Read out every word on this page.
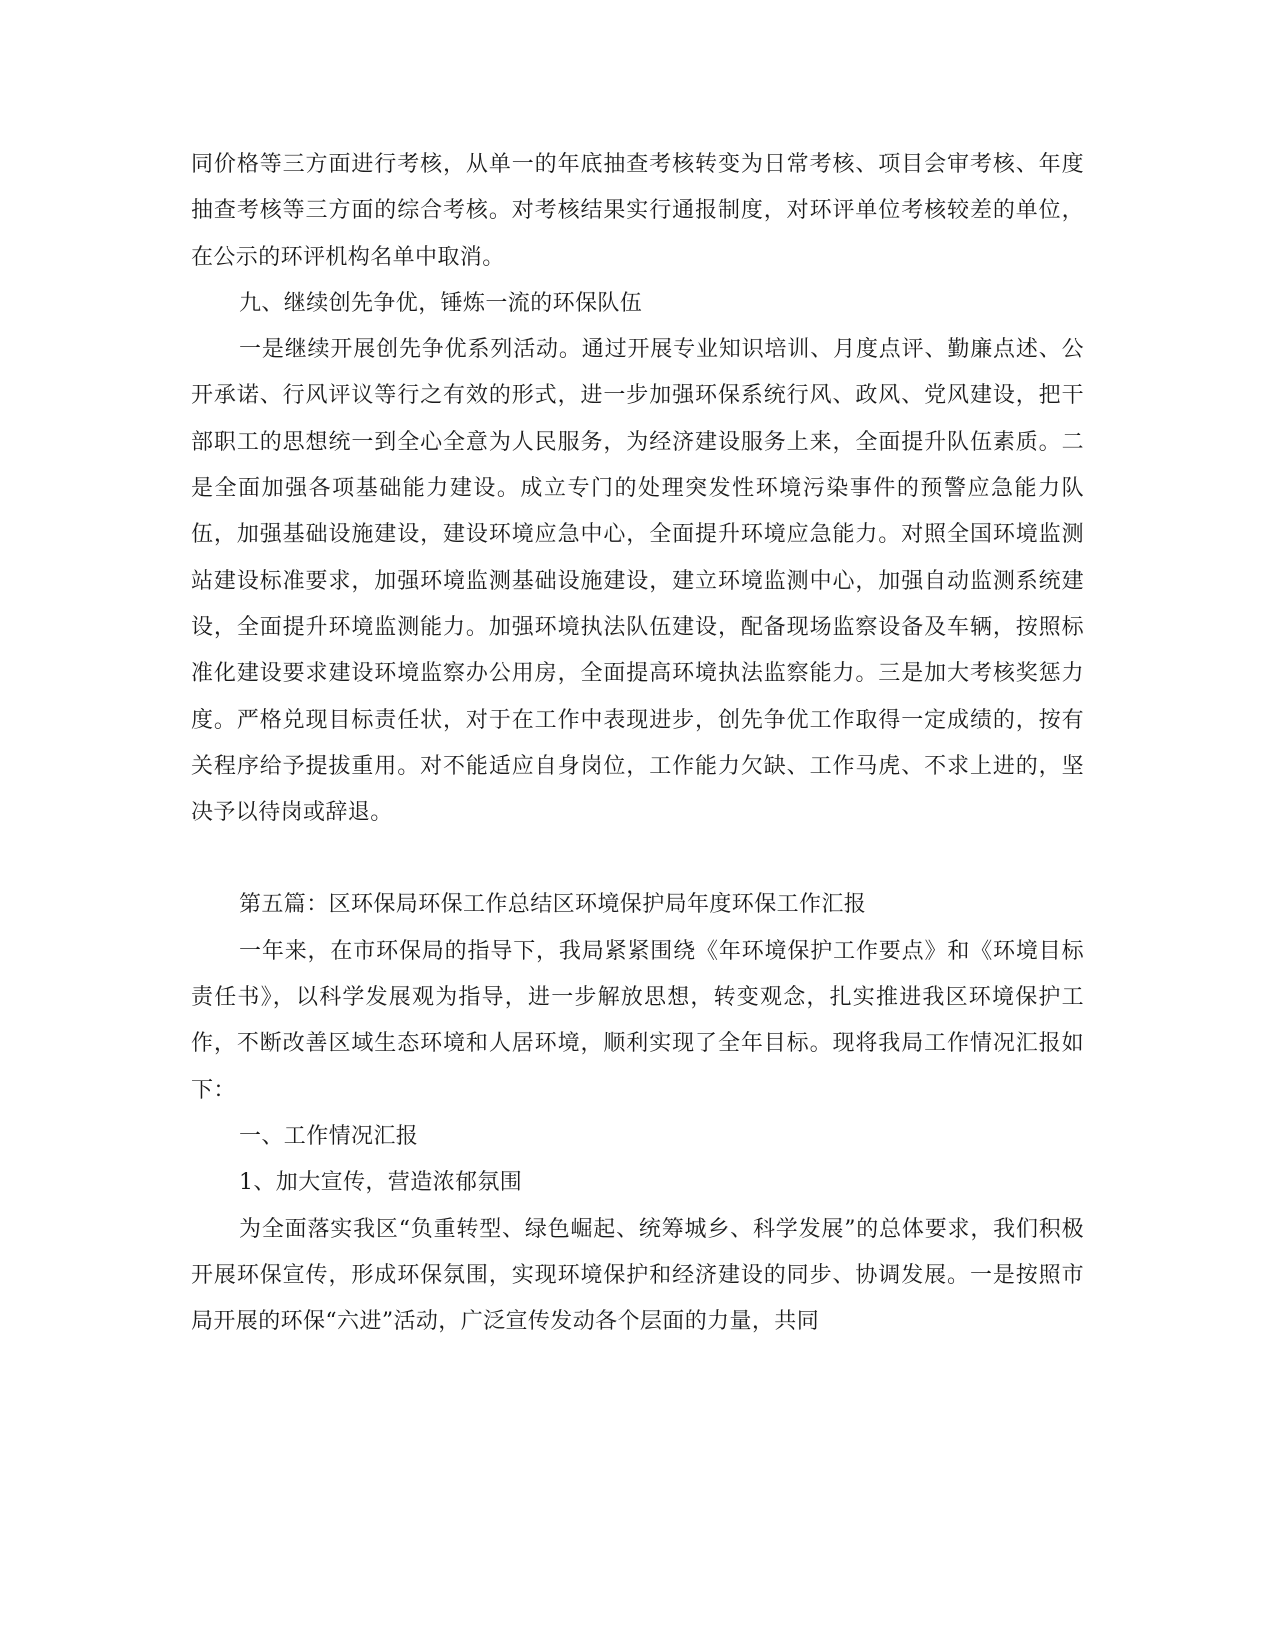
同价格等三方面进行考核，从单一的年底抽查考核转变为日常考核、项目会审考核、年度抽查考核等三方面的综合考核。对考核结果实行通报制度，对环评单位考核较差的单位，在公示的环评机构名单中取消。

九、继续创先争优，锤炼一流的环保队伍

一是继续开展创先争优系列活动。通过开展专业知识培训、月度点评、勤廉点述、公开承诺、行风评议等行之有效的形式，进一步加强环保系统行风、政风、党风建设，把干部职工的思想统一到全心全意为人民服务，为经济建设服务上来，全面提升队伍素质。二是全面加强各项基础能力建设。成立专门的处理突发性环境污染事件的预警应急能力队伍，加强基础设施建设，建设环境应急中心，全面提升环境应急能力。对照全国环境监测站建设标准要求，加强环境监测基础设施建设，建立环境监测中心，加强自动监测系统建设，全面提升环境监测能力。加强环境执法队伍建设，配备现场监察设备及车辆，按照标准化建设要求建设环境监察办公用房，全面提高环境执法监察能力。三是加大考核奖惩力度。严格兑现目标责任状，对于在工作中表现进步，创先争优工作取得一定成绩的，按有关程序给予提拔重用。对不能适应自身岗位，工作能力欠缺、工作马虎、不求上进的，坚决予以待岗或辞退。

第五篇：区环保局环保工作总结区环境保护局年度环保工作汇报

一年来，在市环保局的指导下，我局紧紧围绕《年环境保护工作要点》和《环境目标责任书》，以科学发展观为指导，进一步解放思想，转变观念，扎实推进我区环境保护工作，不断改善区域生态环境和人居环境，顺利实现了全年目标。现将我局工作情况汇报如下：

一、工作情况汇报

1、加大宣传，营造浓郁氛围

为全面落实我区“负重转型、绿色崛起、统筹城乡、科学发展”的总体要求，我们积极开展环保宣传，形成环保氛围，实现环境保护和经济建设的同步、协调发展。一是按照市局开展的环保“六进”活动，广泛宣传发动各个层面的力量，共同
